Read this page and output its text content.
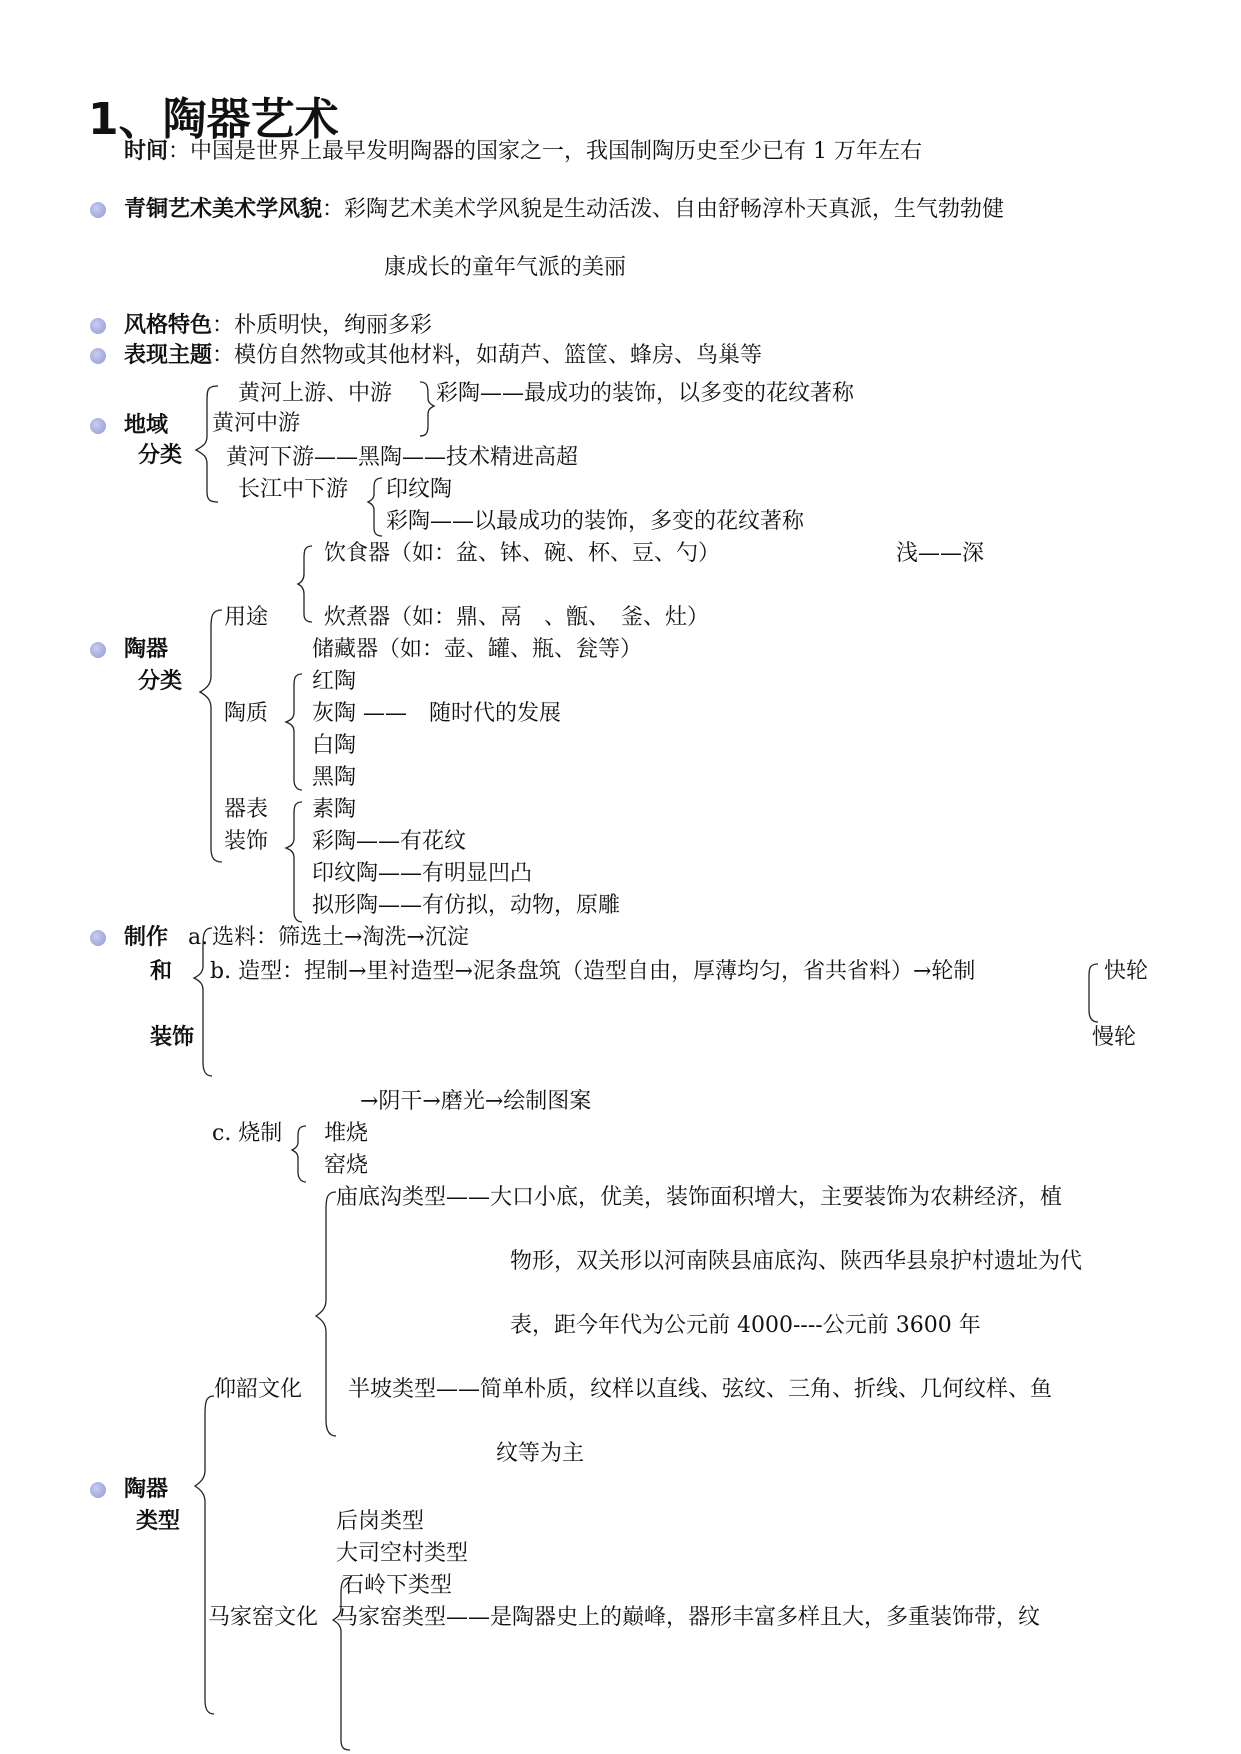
1、陶器艺术
时间：中国是世界上最早发明陶器的国家之一，我国制陶历史至少已有 1 万年左右
青铜艺术美术学风貌：彩陶艺术美术学风貌是生动活泼、自由舒畅淳朴天真派，生气勃勃健
康成长的童年气派的美丽
风格特色：朴质明快，绚丽多彩
表现主题：模仿自然物或其他材料，如葫芦、篮筐、蜂房、鸟巢等
地域
分类
黄河上游、中游 彩陶——最成功的装饰，以多变的花纹著称
黄河中游
黄河下游——黑陶——技术精进高超
长江中下游 印纹陶
彩陶——以最成功的装饰，多变的花纹著称
饮食器（如：盆、钵、碗、杯、豆、勺）	浅——深
用途	炊煮器（如：鼎、鬲　、甑、　釜、灶）
陶器
分类
储藏器（如：壶、罐、瓶、瓮等）
红陶
陶质 灰陶 ——　随时代的发展
白陶
黑陶
器表 素陶
装饰 彩陶——有花纹
印纹陶——有明显凹凸
拟形陶——有仿拟，动物，原雕
制作 a. 选料：筛选土→淘洗→沉淀
和 b. 造型：捏制→里衬造型→泥条盘筑（造型自由，厚薄均匀，省共省料）→轮制	快轮
装饰	慢轮
→阴干→磨光→绘制图案
c. 烧制 堆烧
窑烧
庙底沟类型——大口小底，优美，装饰面积增大，主要装饰为农耕经济，植
物形，双关形以河南陕县庙底沟、陕西华县泉护村遗址为代
表，距今年代为公元前 4000----公元前 3600 年
仰韶文化 半坡类型——简单朴质，纹样以直线、弦纹、三角、折线、几何纹样、鱼
纹等为主
陶器
类型	后岗类型
大司空村类型
石岭下类型
马家窑文化 马家窑类型——是陶器史上的巅峰，器形丰富多样且大，多重装饰带，纹
